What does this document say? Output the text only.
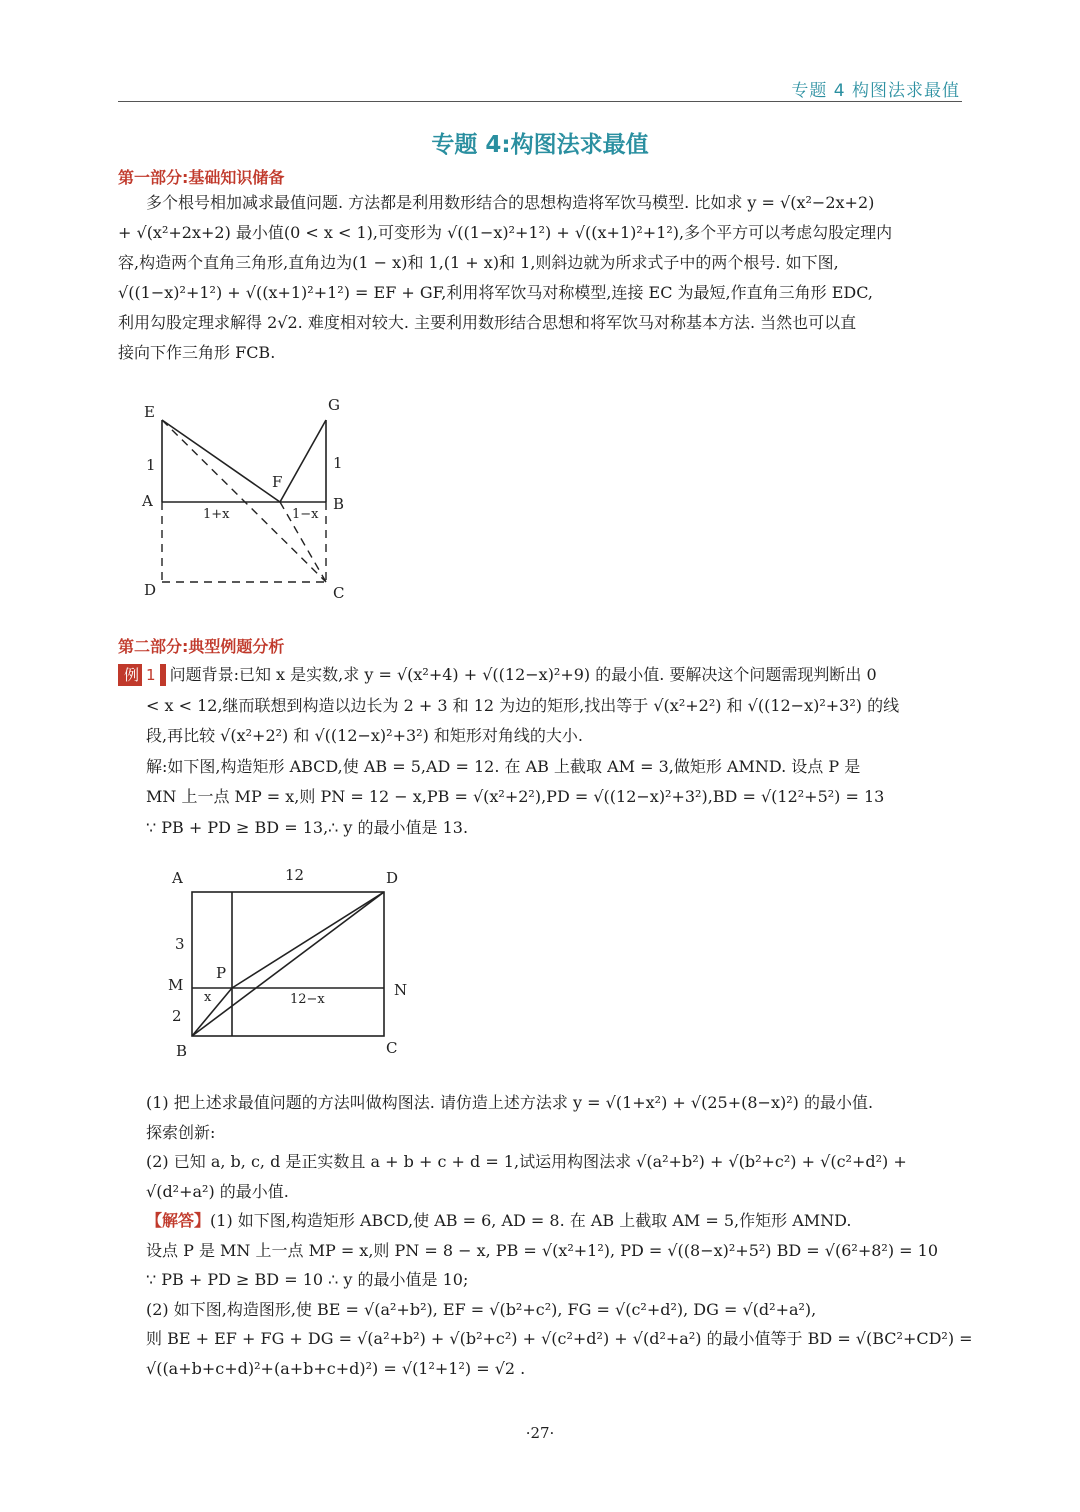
专题 4 构图法求最值
专题 4:构图法求最值
第一部分:基础知识储备
多个根号相加减求最值问题. 方法都是利用数形结合的思想构造将军饮马模型. 比如求 y = √(x²−2x+2)
+ √(x²+2x+2) 最小值(0 < x < 1),可变形为 √((1−x)²+1²) + √((x+1)²+1²),多个平方可以考虑勾股定理内
容,构造两个直角三角形,直角边为(1 − x)和 1,(1 + x)和 1,则斜边就为所求式子中的两个根号. 如下图,
√((1−x)²+1²) + √((x+1)²+1²) = EF + GF,利用将军饮马对称模型,连接 EC 为最短,作直角三角形 EDC,
利用勾股定理求解得 2√2. 难度相对较大. 主要利用数形结合思想和将军饮马对称基本方法. 当然也可以直
接向下作三角形 FCB.
E	G
1	1
F
A	B
1+x	1−x
D	C
第二部分:典型例题分析
例 1 问题背景:已知 x 是实数,求 y = √(x²+4) + √((12−x)²+9) 的最小值. 要解决这个问题需现判断出 0
< x < 12,继而联想到构造以边长为 2 + 3 和 12 为边的矩形,找出等于 √(x²+2²) 和 √((12−x)²+3²) 的线
段,再比较 √(x²+2²) 和 √((12−x)²+3²) 和矩形对角线的大小.
解:如下图,构造矩形 ABCD,使 AB = 5,AD = 12. 在 AB 上截取 AM = 3,做矩形 AMND. 设点 P 是
MN 上一点 MP = x,则 PN = 12 − x,PB = √(x²+2²),PD = √((12−x)²+3²),BD = √(12²+5²) = 13
∵ PB + PD ≥ BD = 13,∴ y 的最小值是 13.
A	12	D
3
P
M	N
x	12−x
2
B	C
(1) 把上述求最值问题的方法叫做构图法. 请仿造上述方法求 y = √(1+x²) + √(25+(8−x)²) 的最小值.
探索创新:
(2) 已知 a, b, c, d 是正实数且 a + b + c + d = 1,试运用构图法求 √(a²+b²) + √(b²+c²) + √(c²+d²) +
√(d²+a²) 的最小值.
【解答】(1) 如下图,构造矩形 ABCD,使 AB = 6, AD = 8. 在 AB 上截取 AM = 5,作矩形 AMND.
设点 P 是 MN 上一点 MP = x,则 PN = 8 − x, PB = √(x²+1²), PD = √((8−x)²+5²) BD = √(6²+8²) = 10
∵ PB + PD ≥ BD = 10 ∴ y 的最小值是 10;
(2) 如下图,构造图形,使 BE = √(a²+b²), EF = √(b²+c²), FG = √(c²+d²), DG = √(d²+a²),
则 BE + EF + FG + DG = √(a²+b²) + √(b²+c²) + √(c²+d²) + √(d²+a²) 的最小值等于 BD = √(BC²+CD²) =
√((a+b+c+d)²+(a+b+c+d)²) = √(1²+1²) = √2 .
·27·
